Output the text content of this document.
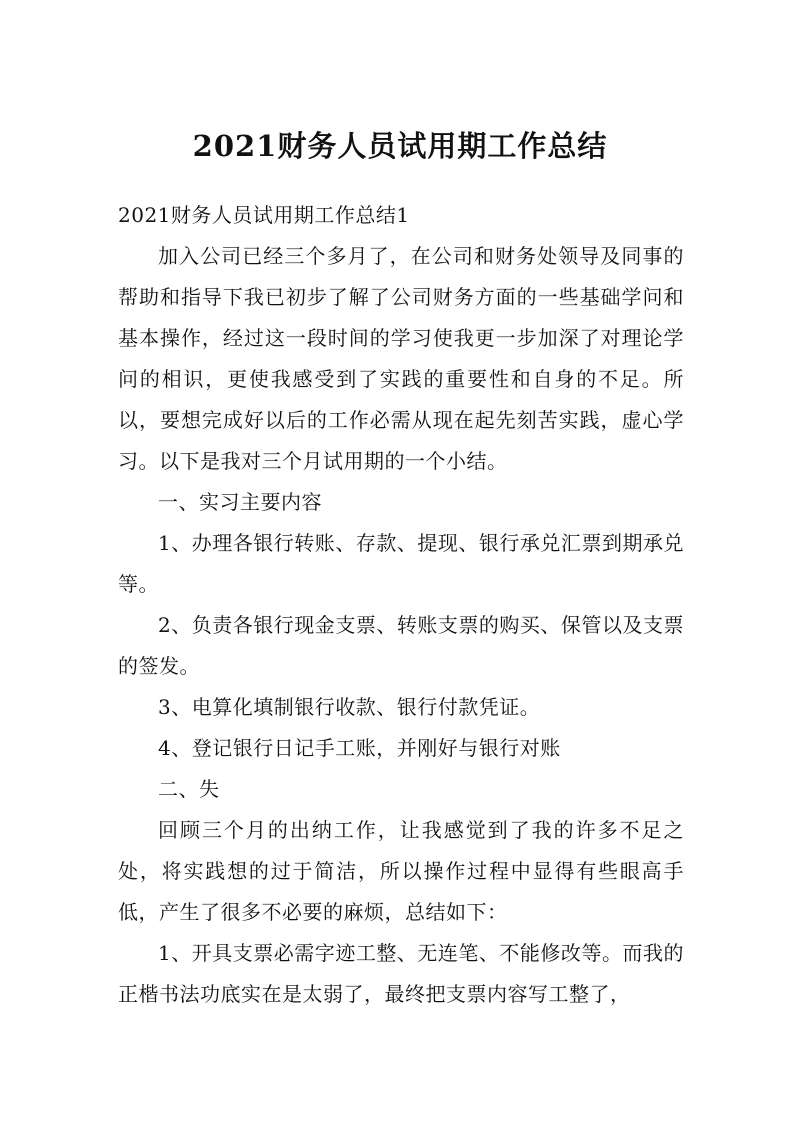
2021财务人员试用期工作总结

2021财务人员试用期工作总结1

加入公司已经三个多月了，在公司和财务处领导及同事的帮助和指导下我已初步了解了公司财务方面的一些基础学问和基本操作，经过这一段时间的学习使我更一步加深了对理论学问的相识，更使我感受到了实践的重要性和自身的不足。所以，要想完成好以后的工作必需从现在起先刻苦实践，虚心学习。以下是我对三个月试用期的一个小结。

一、实习主要内容

1、办理各银行转账、存款、提现、银行承兑汇票到期承兑等。

2、负责各银行现金支票、转账支票的购买、保管以及支票的签发。

3、电算化填制银行收款、银行付款凭证。

4、登记银行日记手工账，并刚好与银行对账

二、失

回顾三个月的出纳工作，让我感觉到了我的许多不足之处，将实践想的过于简洁，所以操作过程中显得有些眼高手低，产生了很多不必要的麻烦，总结如下：

1、开具支票必需字迹工整、无连笔、不能修改等。而我的正楷书法功底实在是太弱了，最终把支票内容写工整了，
